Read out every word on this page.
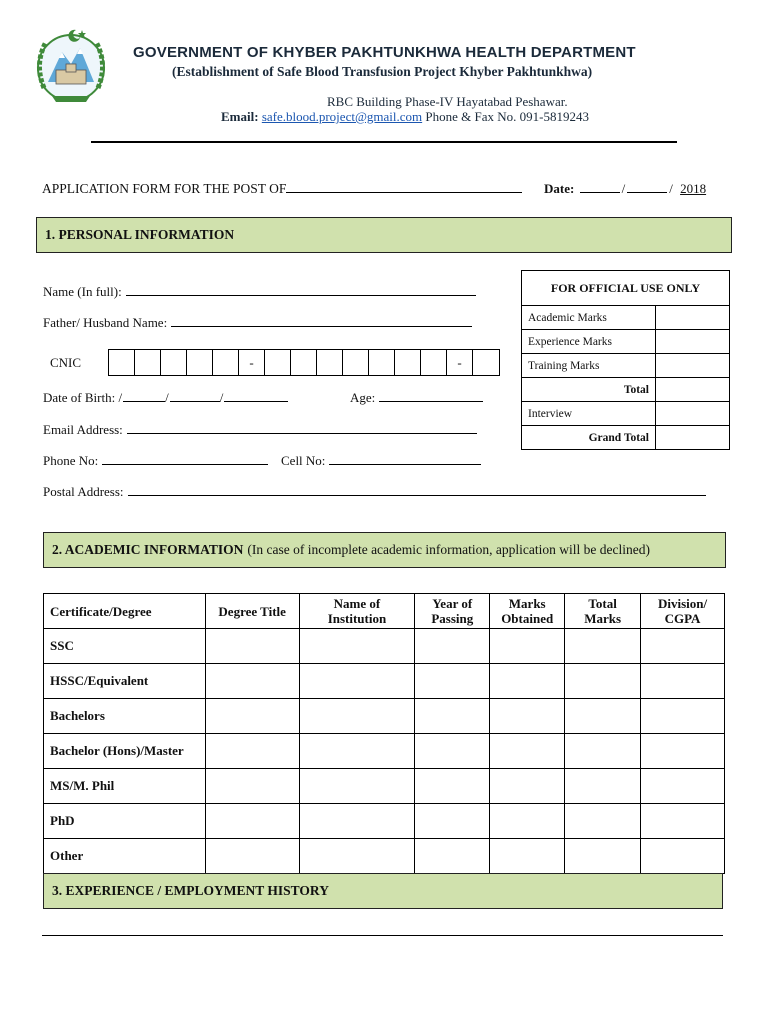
GOVERNMENT OF KHYBER PAKHTUNKHWA HEALTH DEPARTMENT
(Establishment of Safe Blood Transfusion Project Khyber Pakhtunkhwa)
RBC Building Phase-IV Hayatabad Peshawar.
Email: safe.blood.project@gmail.com Phone & Fax No. 091-5819243
APPLICATION FORM FOR THE POST OF	Date:	/	/ 2018
1. PERSONAL INFORMATION
Name (In full):
Father/ Husband Name:
CNIC	-	-
Date of Birth: /	/	/	Age:
Email Address:
Phone No:	Cell No:
Postal Address:
FOR OFFICIAL USE ONLY	
Academic Marks	
Experience Marks	
Training Marks	
Total	
Interview	
Grand Total	
2. ACADEMIC INFORMATION (In case of incomplete academic information, application will be declined)
Certificate/Degree	Degree Title	Name of Institution	Year of Passing	Marks Obtained	Total Marks	Division/ CGPA
SSC						
HSSC/Equivalent						
Bachelors						
Bachelor (Hons)/Master						
MS/M. Phil						
PhD						
Other						
3. EXPERIENCE / EMPLOYMENT HISTORY
